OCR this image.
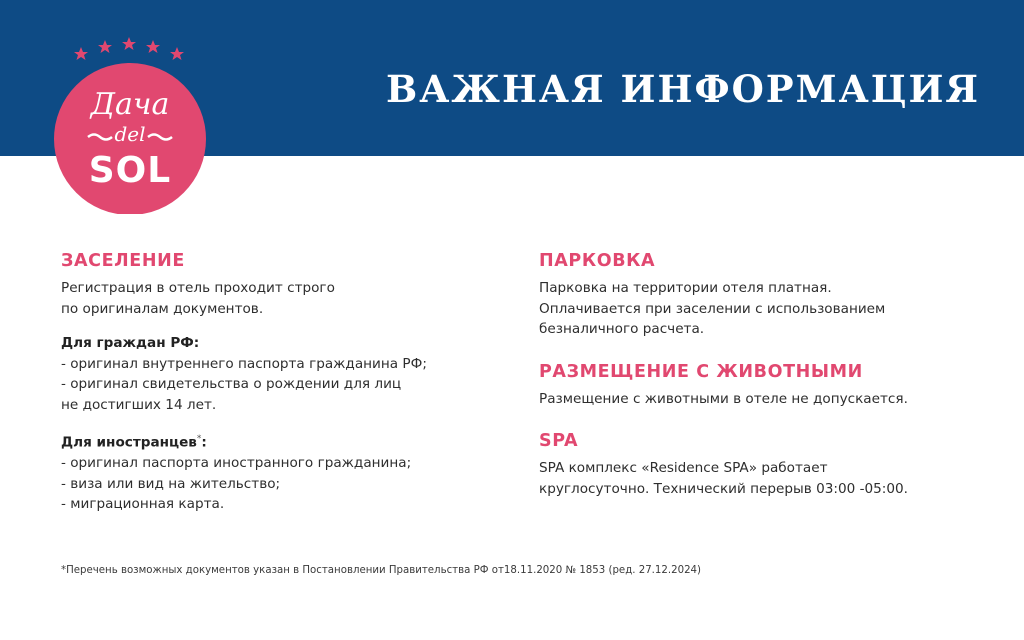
ВАЖНАЯ ИНФОРМАЦИЯ
Дача
del
SOL
ЗАСЕЛЕНИЕ

Регистрация в отель проходит строго

по оригиналам документов.

Для граждан РФ:

- оригинал внутреннего паспорта гражданина РФ;

- оригинал свидетельства о рождении для лиц

не достигших 14 лет.

Для иностранцев*:

- оригинал паспорта иностранного гражданина;

- виза или вид на жительство;

- миграционная карта.

ПАРКОВКА

Парковка на территории отеля платная.

Оплачивается при заселении с использованием

безналичного расчета.

РАЗМЕЩЕНИЕ С ЖИВОТНЫМИ

Размещение с животными в отеле не допускается.

SPA

SPA комплекс «Residence SPA» работает

круглосуточно. Технический перерыв 03:00 -05:00.

*Перечень возможных документов указан в Постановлении Правительства РФ от18.11.2020 № 1853 (ред. 27.12.2024)
